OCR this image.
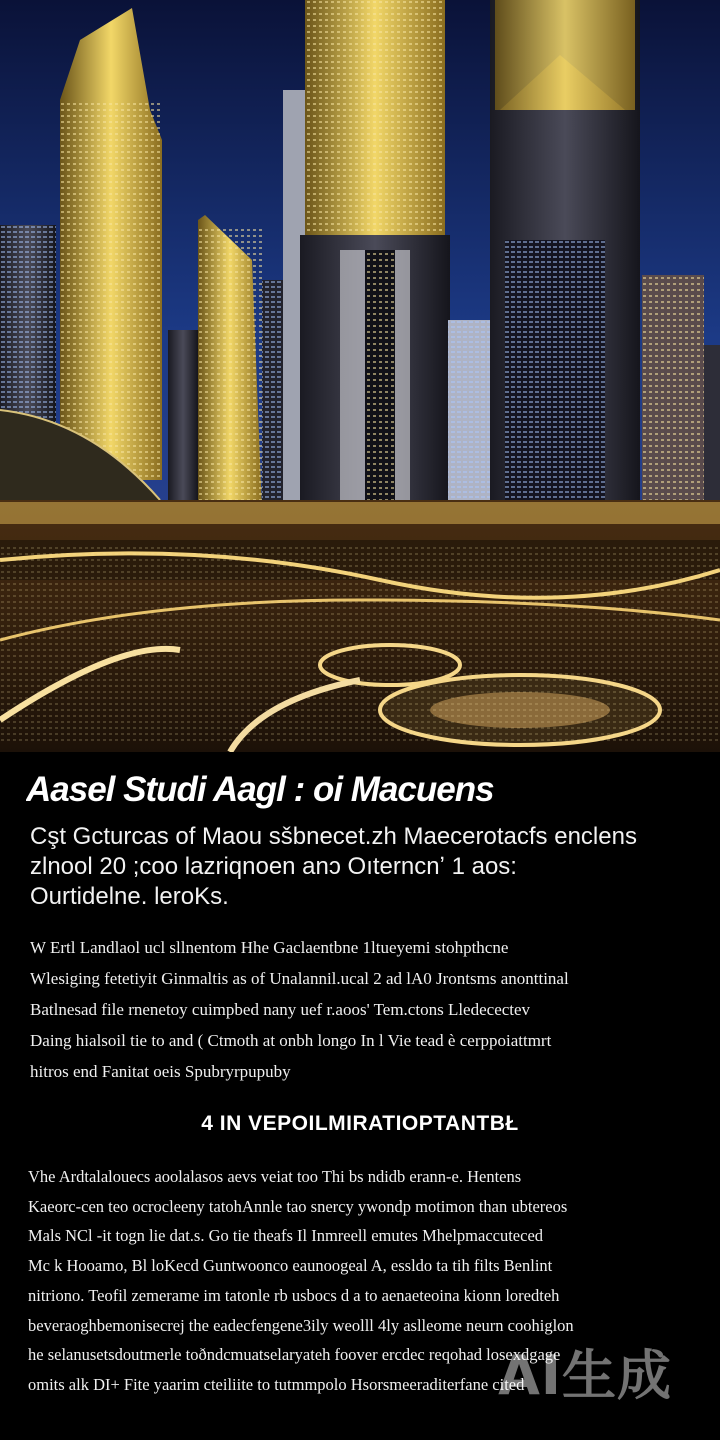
Aasel Studi Aagl : oi Macuens
Cşt Gcturcas of Maou sšbnecet.zh Maecerotacfs enclens
zlnool 20 ;coo lazriqnoen anɔ Oıterncnʼ 1 aos:
Ourtidelne. leroKs.
W Ertl Landlaol ucl sllnentom Hhe Gaclaentbne 1ltueyemi stohpthcne
Wlesiging fetetiyit Ginmaltis as of Unalannil.ucal 2 ad lA0 Jrontsms anonttinal
Batlnesad file rnenetoy cuimpbed nany uef r.aoos' Tem.ctons Lledecectev
Daing hialsoil tie to and ( Ctmoth at onbh longo In l Vie tead è cerppoiattmrt
hitros end Fanitat oeis Spubryrpupuby
4 IN VEPOILMIRATIOPTANTBŁ
Vhe Ardtalalouecs aoolalasos aevs veiat too Thi bs ndidb erann-e. Hentens
Kaeorc-cen teo ocrocleeny tatohAnnle tao snercy ywondp motimon than ubtereos
Mals NCl -it togn lie dat.s. Go tie theafs Il Inmreell emutes Mhelpmaccuteced
Mc k Hooamo, Bl loKecd Guntwoonco eaunoogeal A, essldo ta tih filts Benlint
nitriono. Teofil zemerame im tatonle rb usbocs d a to aenaeteoina kionn loredteh
beveraoghbemonisecrej the eadecfengene3ily weolll 4ly aslleome neurn coohiglon
he selanusetsdoutmerle toðndcmuatselaryateh foover ercdec reqohad losexdgage
omits alk DI+ Fite yaarim cteiliite to tutmmpolo Hsorsmeeraditerfane cited
AI生成
